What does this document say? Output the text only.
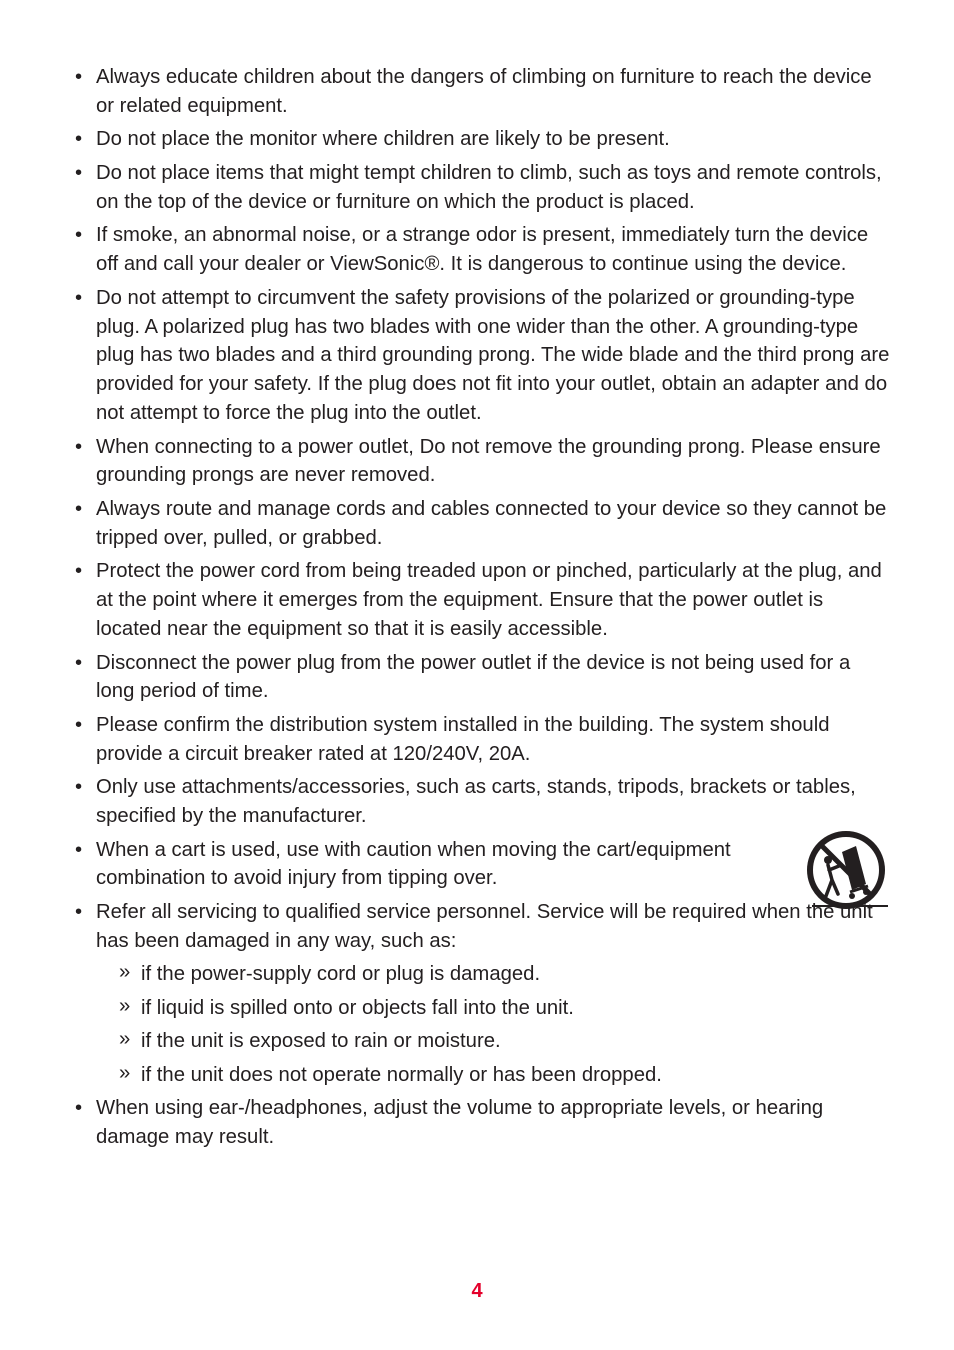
• Always educate children about the dangers of climbing on furniture to reach the device or related equipment.
• Do not place the monitor where children are likely to be present.
• Do not place items that might tempt children to climb, such as toys and remote controls, on the top of the device or furniture on which the product is placed.
• If smoke, an abnormal noise, or a strange odor is present, immediately turn the device off and call your dealer or ViewSonic®. It is dangerous to continue using the device.
• Do not attempt to circumvent the safety provisions of the polarized or grounding-type plug. A polarized plug has two blades with one wider than the other. A grounding-type plug has two blades and a third grounding prong. The wide blade and the third prong are provided for your safety. If the plug does not fit into your outlet, obtain an adapter and do not attempt to force the plug into the outlet.
• When connecting to a power outlet, Do not remove the grounding prong. Please ensure grounding prongs are never removed.
• Always route and manage cords and cables connected to your device so they cannot be tripped over, pulled, or grabbed.
• Protect the power cord from being treaded upon or pinched, particularly at the plug, and at the point where it emerges from the equipment. Ensure that the power outlet is located near the equipment so that it is easily accessible.
• Disconnect the power plug from the power outlet if the device is not being used for a long period of time.
• Please confirm the distribution system installed in the building. The system should provide a circuit breaker rated at 120/240V, 20A.
• Only use attachments/accessories, such as carts, stands, tripods, brackets or tables, specified by the manufacturer.
• When a cart is used, use with caution when moving the cart/equipment combination to avoid injury from tipping over.
• Refer all servicing to qualified service personnel. Service will be required when the unit has been damaged in any way, such as:
» if the power-supply cord or plug is damaged.
» if liquid is spilled onto or objects fall into the unit.
» if the unit is exposed to rain or moisture.
» if the unit does not operate normally or has been dropped.
• When using ear-/headphones, adjust the volume to appropriate levels, or hearing damage may result.
4
